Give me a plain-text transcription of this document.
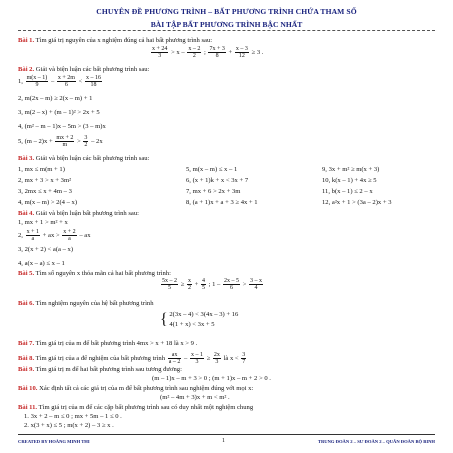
CHUYÊN ĐỀ PHƯƠNG TRÌNH – BẤT PHƯƠNG TRÌNH CHỨA THAM SỐ
BÀI TẬP BẤT PHƯƠNG TRÌNH BẬC NHẤT
Bài 1. Tìm giá trị nguyên của x nghiệm đúng cả hai bất phương trình sau:
$\frac{x + 24}{3} > x - \frac{x - 2}{2}$ ; $\frac{7x + 3}{8} + \frac{x - 3}{12} \ge 3$ .
Bài 2. Giải và biện luận các bất phương trình sau:
1, $\frac{m(x - 1)}{9} - \frac{x + 2m}{6} < \frac{x - 16}{18}$
2, m(2x – m) ≥ 2(x – m) + 1
3, m(2 – x) + (m – 1)² > 2x + 5
4, (m² – m – 1)x – 5m > (3 – m)x
5, $(m - 2)x + \frac{mx + 2}{m} > \frac{3}{2} - 2x$
Bài 3. Giải và biện luận các bất phương trình sau:
1, mx ≤ m(m + 1)	5, m(x – m) ≤ x – 1	9, 3x + m² ≥ m(x + 3)
2, mx + 3 > x + 3m²	6, (x + 1)k + x < 3x + 7	10, k(x – 1) + 4x ≥ 5
3, 2mx ≤ x + 4m – 3	7, mx + 6 > 2x + 3m	11, b(x – 1) ≤ 2 – x
4, m(x – m) > 2(4 – x)	8, (a + 1)x + a + 3 ≥ 4x + 1	12, a²x + 1 > (3a – 2)x + 3
Bài 4. Giải và biện luận bất phương trình sau:
1, mx + 1 > m² + x
2, $\frac{x + 1}{a}$ + ax > $\frac{x + 2}{a}$ – ax
3, 2(x + 2) < a(a – x)
4, a(x – a) ≤ x – 1
Bài 5. Tìm số nguyên x thỏa mãn cả hai bất phương trình:
$\frac{5x - 2}{5} \ge \frac{x}{2} + \frac{4}{5}$ ; $1 - \frac{2x - 5}{6} > \frac{3 - x}{4}$
Bài 6. Tìm nghiệm nguyên của hệ bất phương trình
{ 2(3x – 4) < 3(4x – 3) + 16
4(1 + x) < 3x + 5
Bài 7. Tìm giá trị của m để bất phương trình 4mx > x + 18 là x > 9 .
Bài 8. Tìm giá trị của a để nghiệm của bất phương trình $\frac{ax}{a - 2} - \frac{x - 1}{3} \ge \frac{2x}{3}$ là $x < \frac{3}{7}$
Bài 9. Tìm giá trị m để hai bất phương trình sau tương đương:
(m – 1)x – m + 3 > 0 ; (m + 1)x – m + 2 > 0 .
Bài 10. Xác định tất cả các giá trị của m để bất phương trình sau nghiệm đúng với mọi x:
(m² – 4m + 3)x + m < m² .
Bài 11. Tìm giá trị của m để các cặp bất phương trình sau có duy nhất một nghiệm chung
1. 3x + 2 – m ≤ 0 ; mx + 5m – 1 ≤ 0 .
2. x(3 + x) ≤ 5 ; m(x + 2) – 3 ≥ x .
CREATED BY HOÀNG MINH THI	1	TRUNG ĐOÀN 2 – SƯ ĐOÀN 2 – QUÂN ĐOÀN BỘ BINH
